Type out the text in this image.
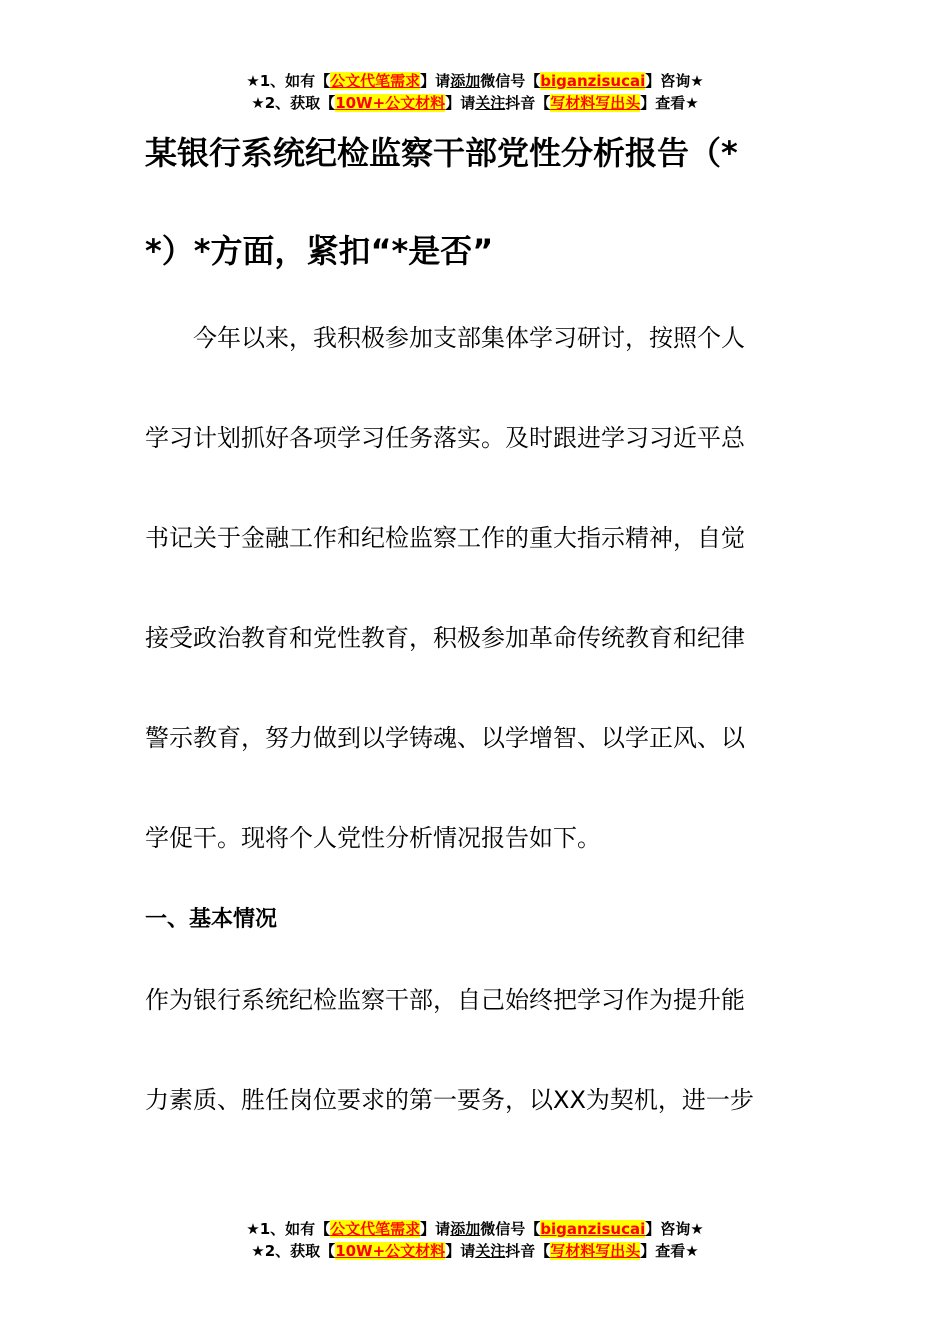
★1、如有【公文代笔需求】请添加微信号【biganzisucai】咨询★
★2、获取【10W+公文材料】请关注抖音【写材料写出头】查看★
某银行系统纪检监察干部党性分析报告（*
*）*方面，紧扣“*是否”
　　今年以来，我积极参加支部集体学习研讨，按照个人
学习计划抓好各项学习任务落实。及时跟进学习习近平总
书记关于金融工作和纪检监察工作的重大指示精神，自觉
接受政治教育和党性教育，积极参加革命传统教育和纪律
警示教育，努力做到以学铸魂、以学增智、以学正风、以
学促干。现将个人党性分析情况报告如下。
一、基本情况
作为银行系统纪检监察干部，自己始终把学习作为提升能
力素质、胜任岗位要求的第一要务，以XX为契机，进一步
★1、如有【公文代笔需求】请添加微信号【biganzisucai】咨询★
★2、获取【10W+公文材料】请关注抖音【写材料写出头】查看★
